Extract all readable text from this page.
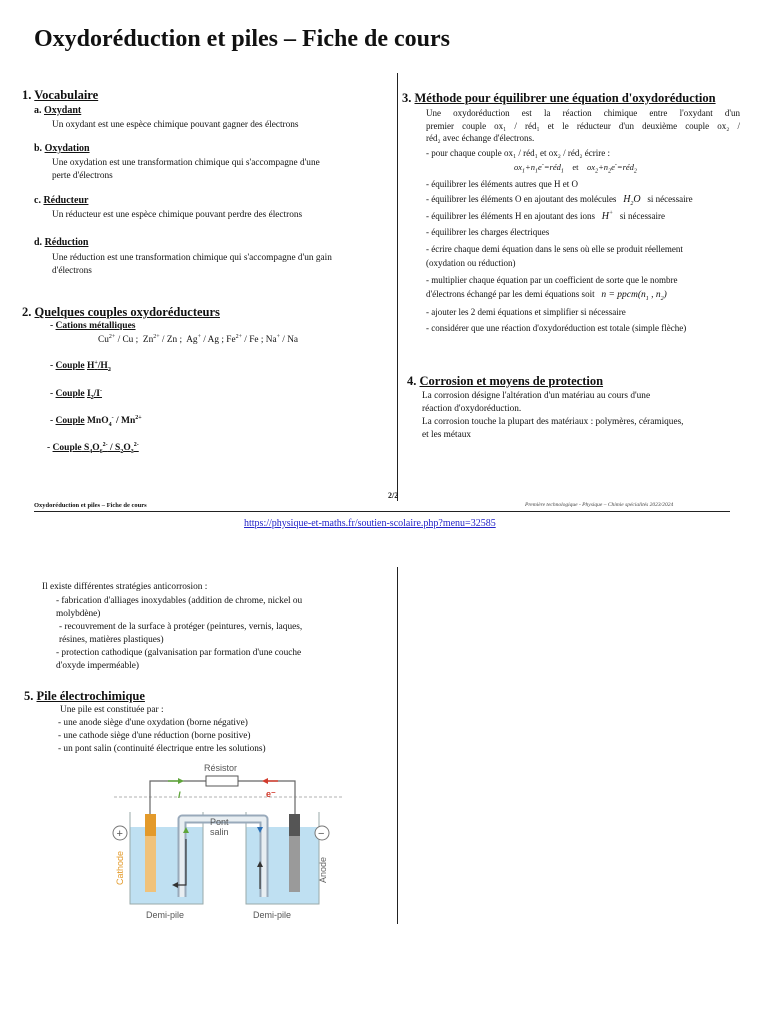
Oxydoréduction et piles – Fiche de cours
1. Vocabulaire
a. Oxydant
Un oxydant est une espèce chimique pouvant gagner des électrons
b. Oxydation
Une oxydation est une transformation chimique qui s'accompagne d'une
perte d'électrons
c. Réducteur
Un réducteur est une espèce chimique pouvant perdre des électrons
d. Réduction
Une réduction est une transformation chimique qui s'accompagne d'un gain
d'électrons
2. Quelques couples oxydoréducteurs
- Cations métalliques
$Cu^{2+}$ / Cu ;  $Zn^{2+}$ / Zn ;  Ag+ / Ag ; $Fe^{2+}$ / Fe ; Na+ / Na
- Couple $H^+/H_2$
- Couple $I_2/I^-$
- Couple $MnO_4^- / Mn^{2+}$
- Couple $S_4O_6^{2-} / S_2O_3^{2-}$
3. Méthode pour équilibrer une équation d'oxydoréduction
Une oxydoréduction est la réaction chimique entre l'oxydant d'un
premier couple ox₁ / réd₁ et le réducteur d'un deuxième couple ox₂ /
réd₂ avec échange d'électrons.
- pour chaque couple ox₁ / réd₁ et ox₂ / réd₂ écrire :
$ox_1+n_1e^-=réd_1$ et    $ox_2+n_2e^-=réd_2$
- équilibrer les éléments autres que H et O
- équilibrer les éléments O en ajoutant des molécules $H_2O$ si nécessaire
- équilibrer les éléments H en ajoutant des ions H+ si nécessaire
- équilibrer les charges électriques
- écrire chaque demi équation dans le sens où elle se produit réellement
(oxydation ou réduction)
- multiplier chaque équation par un coefficient de sorte que le nombre
d'électrons échangé par les demi équations soit $n = ppcm(n_1$ , $n_2$)
- ajouter les 2 demi équations et simplifier si nécessaire
- considérer que une réaction d'oxydoréduction est totale (simple flèche)
4. Corrosion et moyens de protection
La corrosion désigne l'altération d'un matériau au cours d'une
réaction d'oxydoréduction.
La corrosion touche la plupart des matériaux : polymères, céramiques,
et les métaux
2/2
Oxydoréduction et piles – Fiche de cours	Première technologique - Physique – Chimie spécialités 2023/2024
https://physique-et-maths.fr/soutien-scolaire.php?menu=32585
Il existe différentes stratégies anticorrosion :
- fabrication d'alliages inoxydables (addition de chrome, nickel ou
molybdène)
- recouvrement de la surface à protéger (peintures, vernis, laques,
résines, matières plastiques)
- protection cathodique (galvanisation par formation d'une couche
d'oxyde imperméable)
5. Pile électrochimique
Une pile est constituée par :
- une anode siège d'une oxydation (borne négative)
- une cathode siège d'une réduction (borne positive)
- un pont salin (continuité électrique entre les solutions)
Résistor
I	e⁻
Pont
salin
+	−
Cathode	Anode
Demi-pile	Demi-pile
